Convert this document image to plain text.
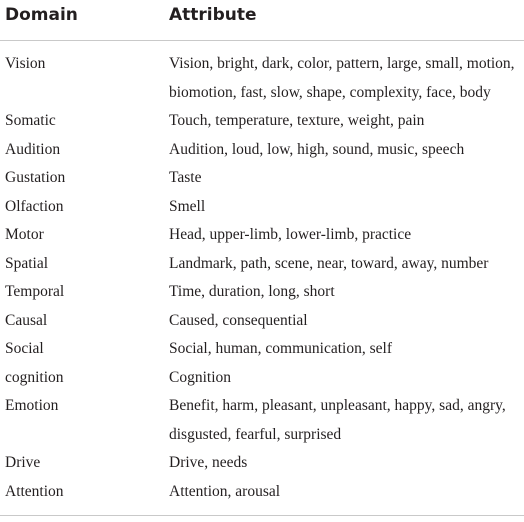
Domain	Attribute
Vision	Vision, bright, dark, color, pattern, large, small, motion,
biomotion, fast, slow, shape, complexity, face, body
Somatic	Touch, temperature, texture, weight, pain
Audition	Audition, loud, low, high, sound, music, speech
Gustation	Taste
Olfaction	Smell
Motor	Head, upper-limb, lower-limb, practice
Spatial	Landmark, path, scene, near, toward, away, number
Temporal	Time, duration, long, short
Causal	Caused, consequential
Social	Social, human, communication, self
cognition	Cognition
Emotion	Benefit, harm, pleasant, unpleasant, happy, sad, angry,
disgusted, fearful, surprised
Drive	Drive, needs
Attention	Attention, arousal
